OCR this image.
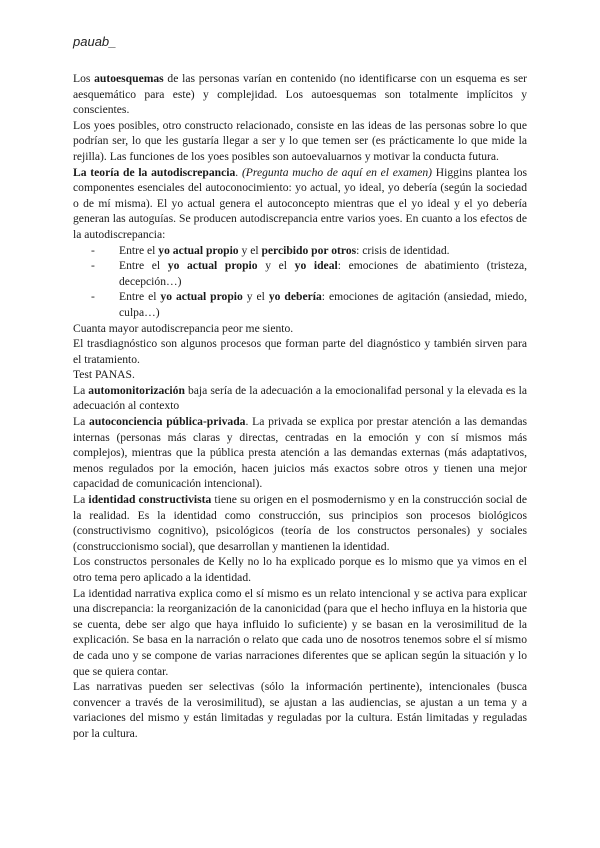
pauab_

Los autoesquemas de las personas varían en contenido (no identificarse con un esquema es ser aesquemático para este) y complejidad. Los autoesquemas son totalmente implícitos y conscientes.

Los yoes posibles, otro constructo relacionado, consiste en las ideas de las personas sobre lo que podrían ser, lo que les gustaría llegar a ser y lo que temen ser (es prácticamente lo que mide la rejilla). Las funciones de los yoes posibles son autoevaluarnos y motivar la conducta futura.

La teoría de la autodiscrepancia. (Pregunta mucho de aquí en el examen) Higgins plantea los componentes esenciales del autoconocimiento: yo actual, yo ideal, yo debería (según la sociedad o de mí misma). El yo actual genera el autoconcepto mientras que el yo ideal y el yo debería generan las autoguías. Se producen autodiscrepancia entre varios yoes. En cuanto a los efectos de la autodiscrepancia:

- Entre el yo actual propio y el percibido por otros: crisis de identidad.
- Entre el yo actual propio y el yo ideal: emociones de abatimiento (tristeza, decepción…)
- Entre el yo actual propio y el yo debería: emociones de agitación (ansiedad, miedo, culpa…)

Cuanta mayor autodiscrepancia peor me siento.

El trasdiagnóstico son algunos procesos que forman parte del diagnóstico y también sirven para el tratamiento.

Test PANAS.

La automonitorización baja sería de la adecuación a la emocionalifad personal y la elevada es la adecuación al contexto

La autoconciencia pública-privada. La privada se explica por prestar atención a las demandas internas (personas más claras y directas, centradas en la emoción y con sí mismos más complejos), mientras que la pública presta atención a las demandas externas (más adaptativos, menos regulados por la emoción, hacen juicios más exactos sobre otros y tienen una mejor capacidad de comunicación intencional).

La identidad constructivista tiene su origen en el posmodernismo y en la construcción social de la realidad. Es la identidad como construcción, sus principios son procesos biológicos (constructivismo cognitivo), psicológicos (teoría de los constructos personales) y sociales (construccionismo social), que desarrollan y mantienen la identidad.

Los constructos personales de Kelly no lo ha explicado porque es lo mismo que ya vimos en el otro tema pero aplicado a la identidad.

La identidad narrativa explica como el sí mismo es un relato intencional y se activa para explicar una discrepancia: la reorganización de la canonicidad (para que el hecho influya en la historia que se cuenta, debe ser algo que haya influido lo suficiente) y se basan en la verosimilitud de la explicación. Se basa en la narración o relato que cada uno de nosotros tenemos sobre el sí mismo de cada uno y se compone de varias narraciones diferentes que se aplican según la situación y lo que se quiera contar.

Las narrativas pueden ser selectivas (sólo la información pertinente), intencionales (busca convencer a través de la verosimilitud), se ajustan a las audiencias, se ajustan a un tema y a variaciones del mismo y están limitadas y reguladas por la cultura. Están limitadas y reguladas por la cultura.
